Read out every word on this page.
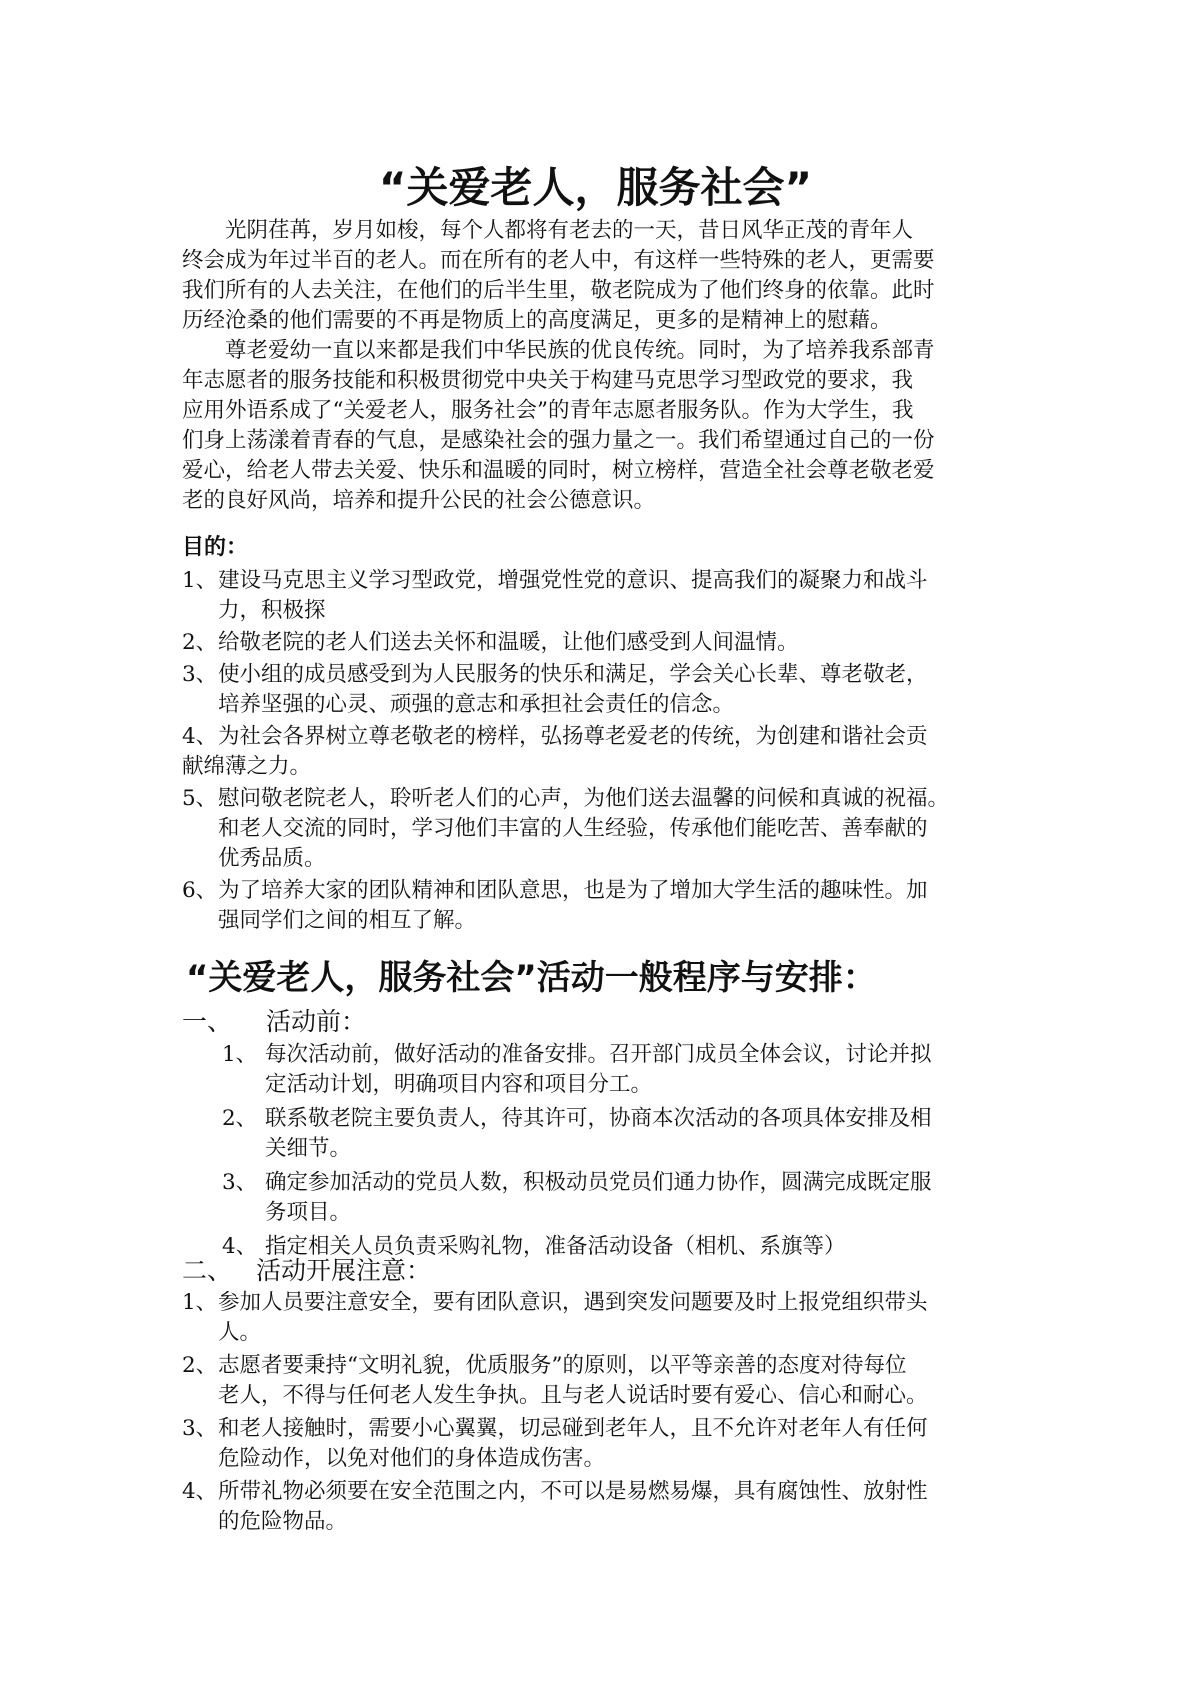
“关爱老人，服务社会”

光阴荏苒，岁月如梭，每个人都将有老去的一天，昔日风华正茂的青年人
终会成为年过半百的老人。而在所有的老人中，有这样一些特殊的老人，更需要
我们所有的人去关注，在他们的后半生里，敬老院成为了他们终身的依靠。此时
历经沧桑的他们需要的不再是物质上的高度满足，更多的是精神上的慰藉。

尊老爱幼一直以来都是我们中华民族的优良传统。同时，为了培养我系部青
年志愿者的服务技能和积极贯彻党中央关于构建马克思学习型政党的要求，我
应用外语系成了“关爱老人，服务社会”的青年志愿者服务队。作为大学生，我
们身上荡漾着青春的气息，是感染社会的强力量之一。我们希望通过自己的一份
爱心，给老人带去关爱、快乐和温暖的同时，树立榜样，营造全社会尊老敬老爱
老的良好风尚，培养和提升公民的社会公德意识。

目的：
1、 建设马克思主义学习型政党，增强党性党的意识、提高我们的凝聚力和战斗
力，积极探
2、 给敬老院的老人们送去关怀和温暖，让他们感受到人间温情。
3、 使小组的成员感受到为人民服务的快乐和满足，学会关心长辈、尊老敬老，
培养坚强的心灵、顽强的意志和承担社会责任的信念。
4、 为社会各界树立尊老敬老的榜样，弘扬尊老爱老的传统，为创建和谐社会贡
献绵薄之力。
5、 慰问敬老院老人，聆听老人们的心声，为他们送去温馨的问候和真诚的祝福。
和老人交流的同时，学习他们丰富的人生经验，传承他们能吃苦、善奉献的
优秀品质。
6、 为了培养大家的团队精神和团队意思，也是为了增加大学生活的趣味性。加
强同学们之间的相互了解。
“关爱老人，服务社会”活动一般程序与安排：
一、 活动前：
1、 每次活动前，做好活动的准备安排。召开部门成员全体会议，讨论并拟
定活动计划，明确项目内容和项目分工。
2、 联系敬老院主要负责人，待其许可，协商本次活动的各项具体安排及相
关细节。
3、 确定参加活动的党员人数，积极动员党员们通力协作，圆满完成既定服
务项目。
4、 指定相关人员负责采购礼物，准备活动设备（相机、系旗等）
二、 活动开展注意：
1、 参加人员要注意安全，要有团队意识，遇到突发问题要及时上报党组织带头
人。
2、 志愿者要秉持“文明礼貌，优质服务”的原则，以平等亲善的态度对待每位
老人，不得与任何老人发生争执。且与老人说话时要有爱心、信心和耐心。
3、 和老人接触时，需要小心翼翼，切忌碰到老年人，且不允许对老年人有任何
危险动作，以免对他们的身体造成伤害。
4、 所带礼物必须要在安全范围之内，不可以是易燃易爆，具有腐蚀性、放射性
的危险物品。
